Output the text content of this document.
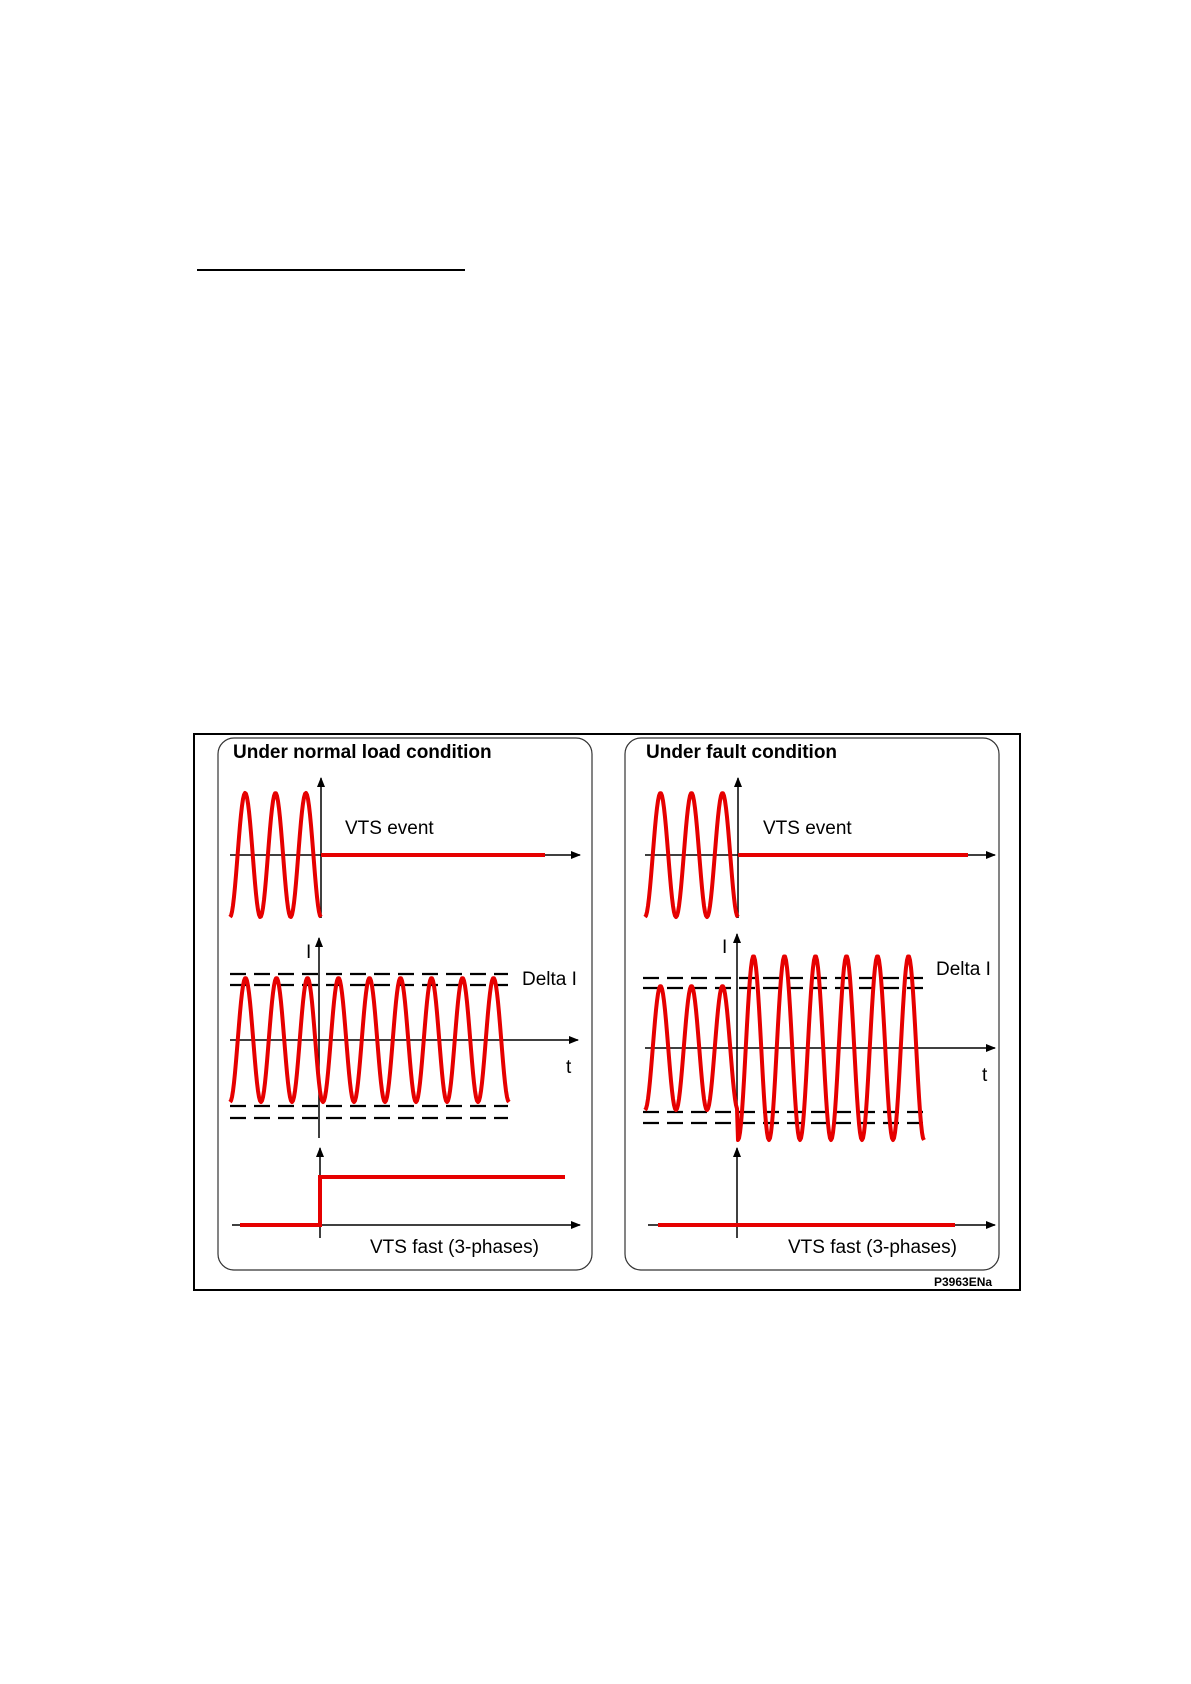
Under normal load condition
VTS event
I
t
Delta I
VTS fast (3-phases)
Under fault condition
VTS event
I
t
Delta I
VTS fast (3-phases)
P3963ENa
